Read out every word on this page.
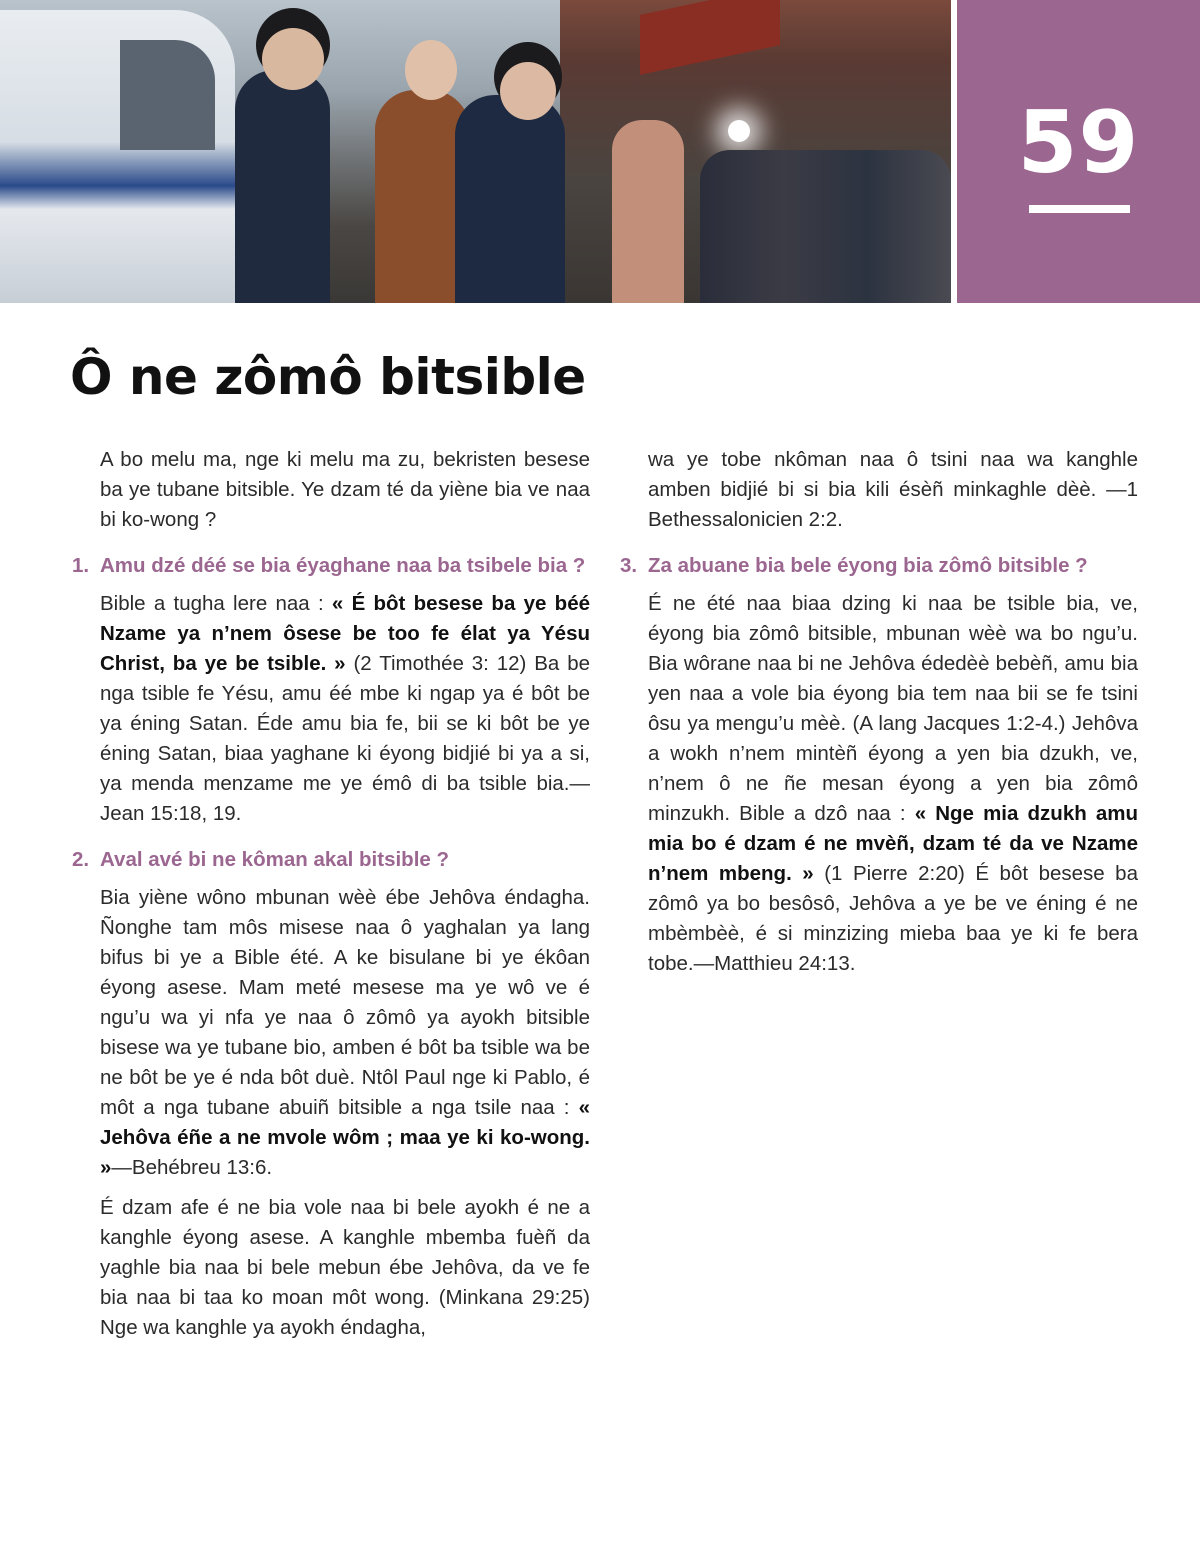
59
Ô ne zômô bitsible

A bo melu ma, nge ki melu ma zu, bekristen besese ba ye tubane bitsible. Ye dzam té da yiène bia ve naa bi ko-wong ?

1. Amu dzé déé se bia éyaghane naa ba tsibele bia ?

Bible a tugha lere naa : « É bôt besese ba ye béé Nzame ya n’nem ôsese be too fe élat ya Yésu Christ, ba ye be tsible. » (2 Timothée 3: 12) Ba be nga tsible fe Yésu, amu éé mbe ki ngap ya é bôt be ya éning Satan. Éde amu bia fe, bii se ki bôt be ye éning Satan, biaa yaghane ki éyong bidjié bi ya a si, ya menda menzame me ye émô di ba tsible bia.—Jean 15:18, 19.

2. Aval avé bi ne kôman akal bitsible ?

Bia yiène wôno mbunan wèè ébe Jehôva éndagha. Ñonghe tam môs misese naa ô yaghalan ya lang bifus bi ye a Bible été. A ke bisulane bi ye ékôan éyong asese. Mam meté mesese ma ye wô ve é ngu’u wa yi nfa ye naa ô zômô ya ayokh bitsible bisese wa ye tubane bio, amben é bôt ba tsible wa be ne bôt be ye é nda bôt duè. Ntôl Paul nge ki Pablo, é môt a nga tubane abuiñ bitsible a nga tsile naa : « Jehôva éñe a ne mvole wôm ; maa ye ki ko-wong. »—Behébreu 13:6.

É dzam afe é ne bia vole naa bi bele ayokh é ne a kanghle éyong asese. A kanghle mbemba fuèñ da yaghle bia naa bi bele mebun ébe Jehôva, da ve fe bia naa bi taa ko moan môt wong. (Minkana 29:25) Nge wa kanghle ya ayokh éndagha,

wa ye tobe nkôman naa ô tsini naa wa kanghle amben bidjié bi si bia kili ésèñ minkaghle dèè. —1 Bethessalonicien 2:2.

3. Za abuane bia bele éyong bia zômô bitsible ?

É ne été naa biaa dzing ki naa be tsible bia, ve, éyong bia zômô bitsible, mbunan wèè wa bo ngu’u. Bia wôrane naa bi ne Jehôva édedèè bebèñ, amu bia yen naa a vole bia éyong bia tem naa bii se fe tsini ôsu ya mengu’u mèè. (A lang Jacques 1:2-4.) Jehôva a wokh n’nem mintèñ éyong a yen bia dzukh, ve, n’nem ô ne ñe mesan éyong a yen bia zômô minzukh. Bible a dzô naa : « Nge mia dzukh amu mia bo é dzam é ne mvèñ, dzam té da ve Nzame n’nem mbeng. » (1 Pierre 2:20) É bôt besese ba zômô ya bo besôsô, Jehôva a ye be ve éning é ne mbèmbèè, é si minzizing mieba baa ye ki fe bera tobe.—Matthieu 24:13.
